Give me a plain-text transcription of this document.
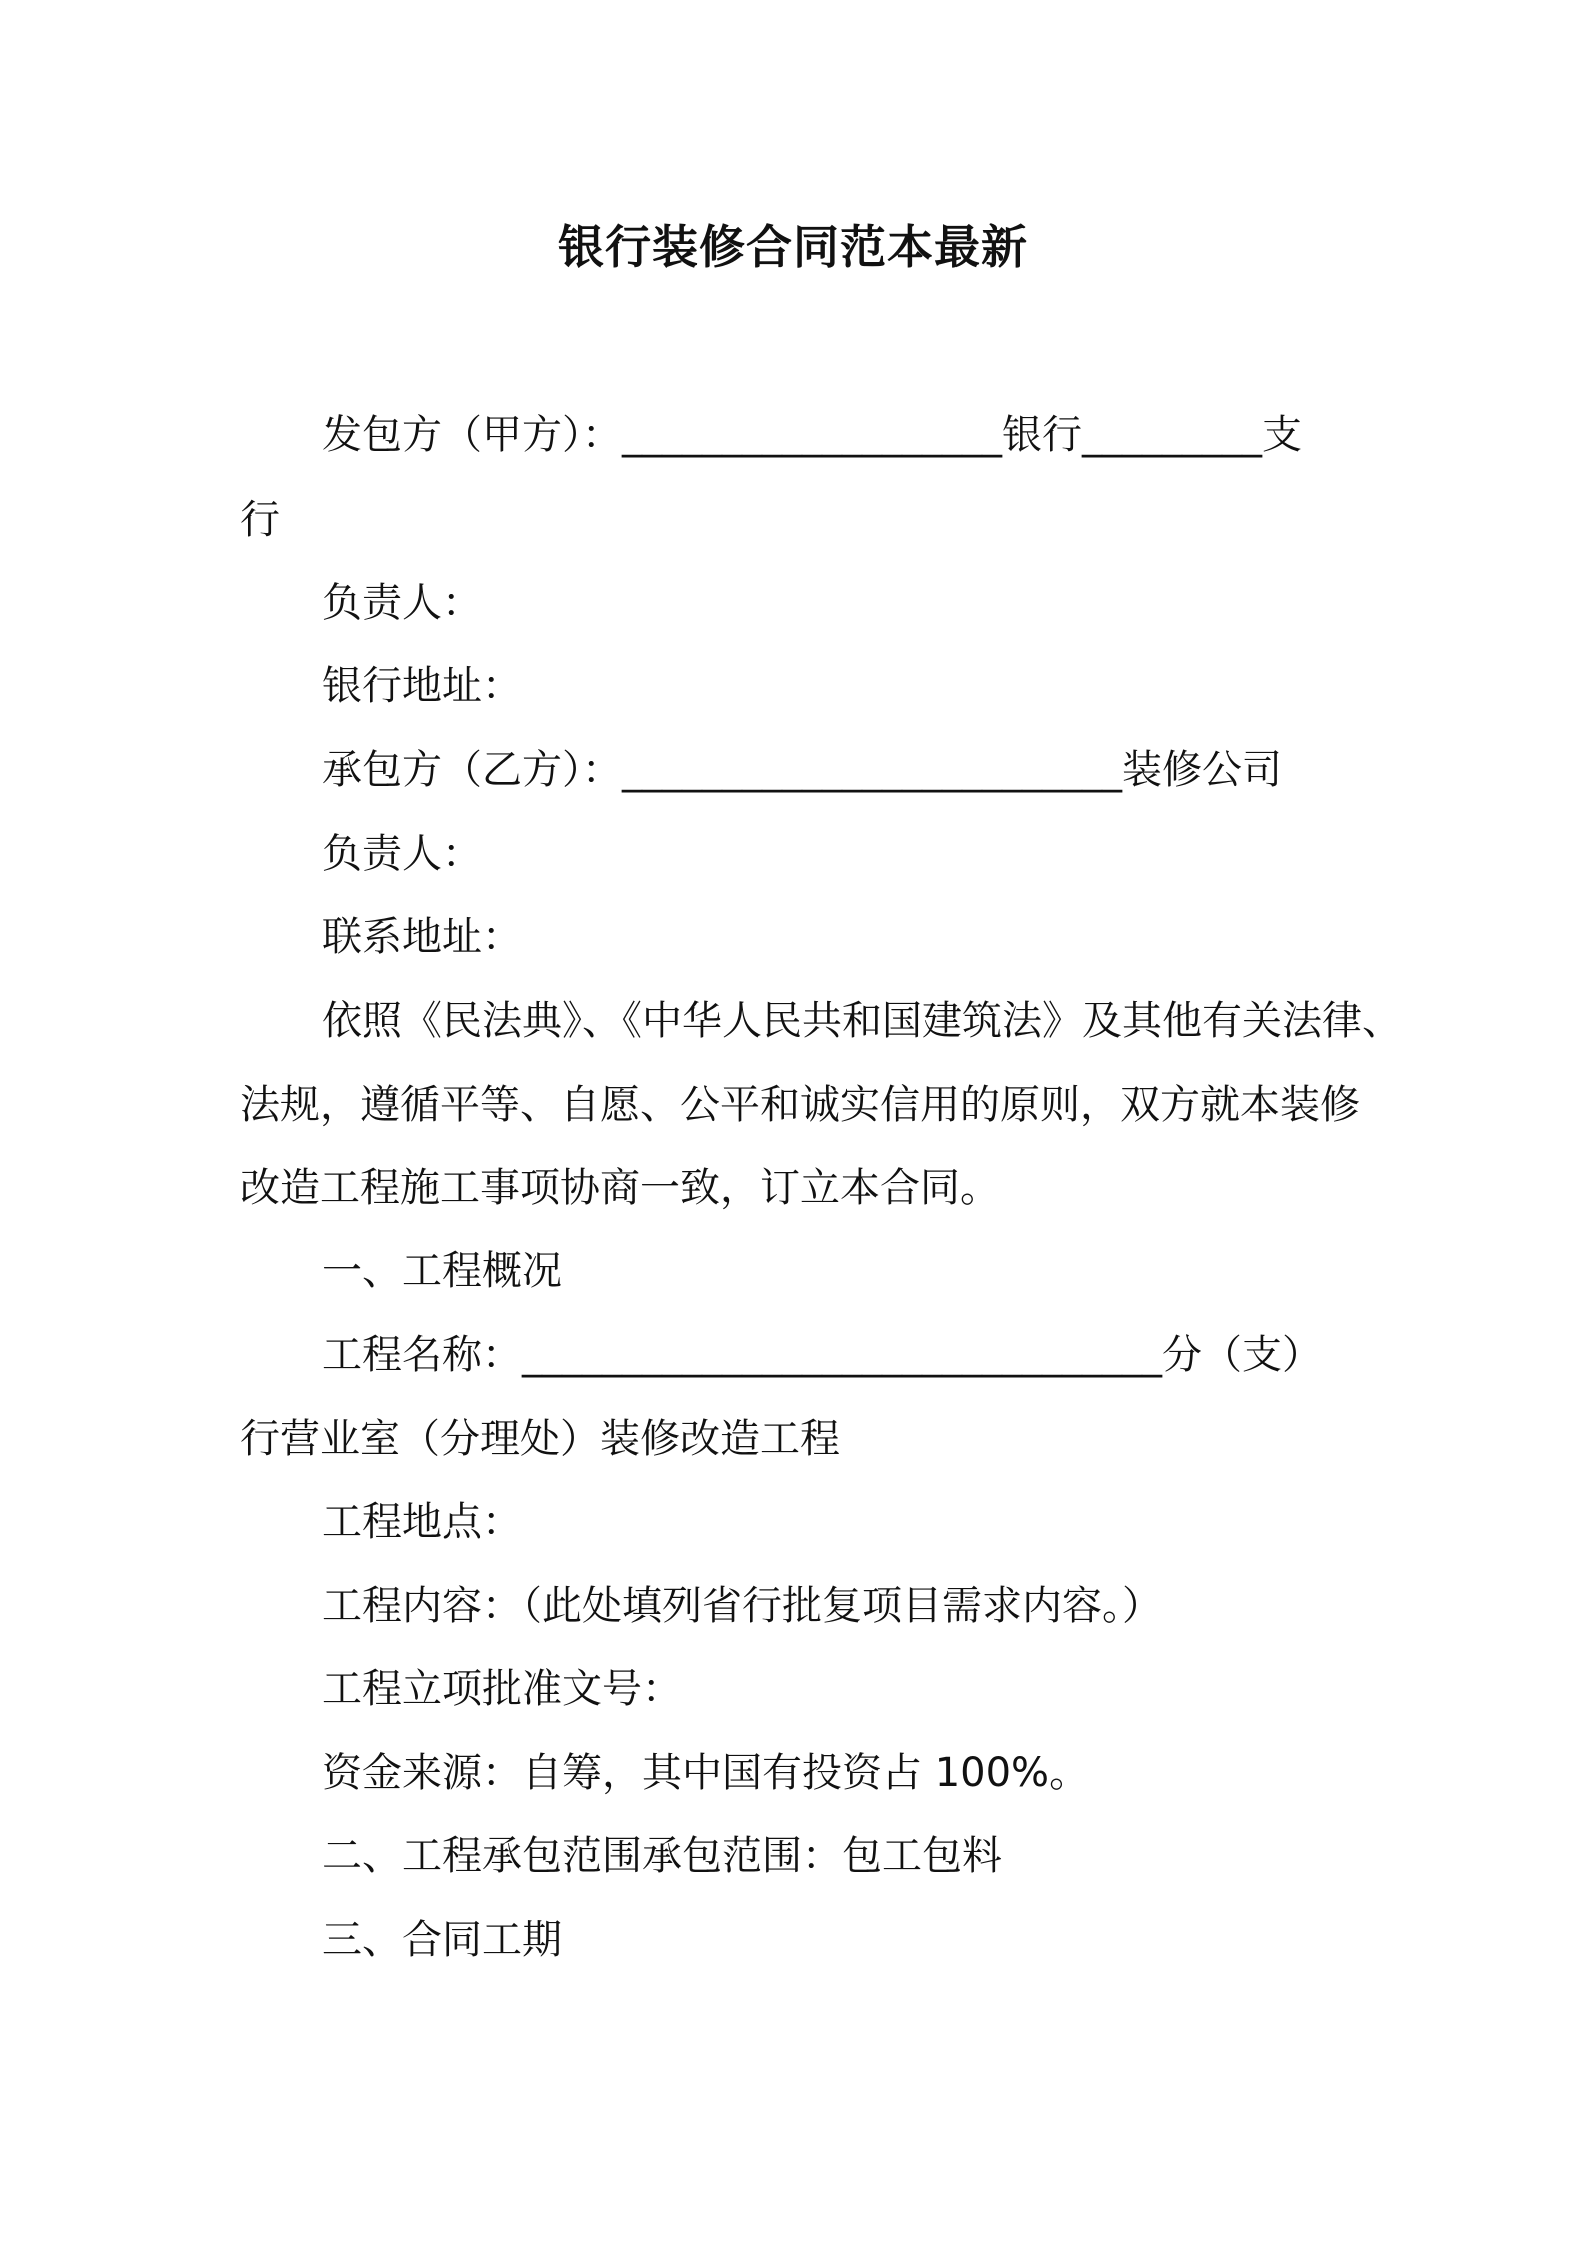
银行装修合同范本最新
发包方（甲方）：___________________银行_________支
行
负责人：
银行地址：
承包方（乙方）：_________________________装修公司
负责人：
联系地址：
依照《民法典》、《中华人民共和国建筑法》及其他有关法律、
法规，遵循平等、自愿、公平和诚实信用的原则，双方就本装修
改造工程施工事项协商一致，订立本合同。
一、工程概况
工程名称：________________________________分（支）
行营业室（分理处）装修改造工程
工程地点：
工程内容：（此处填列省行批复项目需求内容。）
工程立项批准文号：
资金来源：自筹，其中国有投资占 100%。
二、工程承包范围承包范围：包工包料
三、合同工期
